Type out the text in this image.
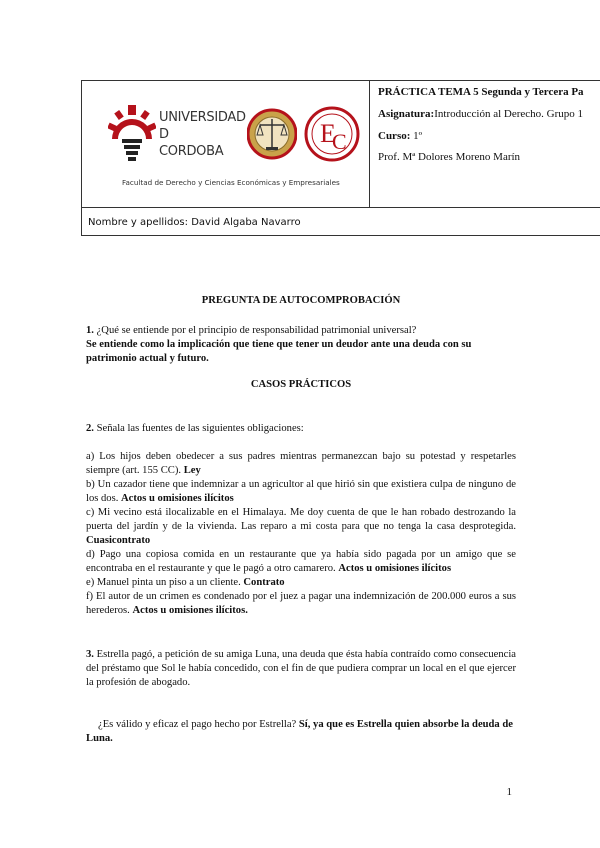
UNIVERSIDAD
D
CORDOBA
E
C
Facultad de Derecho y Ciencias Económicas y Empresariales
PRÁCTICA TEMA 5 Segunda y Tercera Pa
Asignatura:Introducción al Derecho. Grupo 1
Curso: 1º
Prof. Mª Dolores Moreno Marín
Nombre y apellidos: David Algaba Navarro

PREGUNTA DE AUTOCOMPROBACIÓN

1. ¿Qué se entiende por el principio de responsabilidad patrimonial universal?

Se entiende como la implicación que tiene que tener un deudor ante una deuda con su patrimonio actual y futuro.

CASOS PRÁCTICOS

2. Señala las fuentes de las siguientes obligaciones:

a) Los hijos deben obedecer a sus padres mientras permanezcan bajo su potestad y respetarles siempre (art. 155 CC). Ley

b) Un cazador tiene que indemnizar a un agricultor al que hirió sin que existiera culpa de ninguno de los dos. Actos u omisiones ilícitos

c) Mi vecino está ilocalizable en el Himalaya. Me doy cuenta de que le han robado destrozando la puerta del jardín y de la vivienda. Las reparo a mi costa para que no tenga la casa desprotegida. Cuasicontrato

d) Pago una copiosa comida en un restaurante que ya había sido pagada por un amigo que se encontraba en el restaurante y que le pagó a otro camarero. Actos u omisiones ilícitos

e) Manuel pinta un piso a un cliente. Contrato

f) El autor de un crimen es condenado por el juez a pagar una indemnización de 200.000 euros a sus herederos. Actos u omisiones ilícitos.

3. Estrella pagó, a petición de su amiga Luna, una deuda que ésta había contraído como consecuencia del préstamo que Sol le había concedido, con el fin de que pudiera comprar un local en el que ejercer la profesión de abogado.

¿Es válido y eficaz el pago hecho por Estrella? Sí, ya que es Estrella quien absorbe la deuda de Luna.

1
